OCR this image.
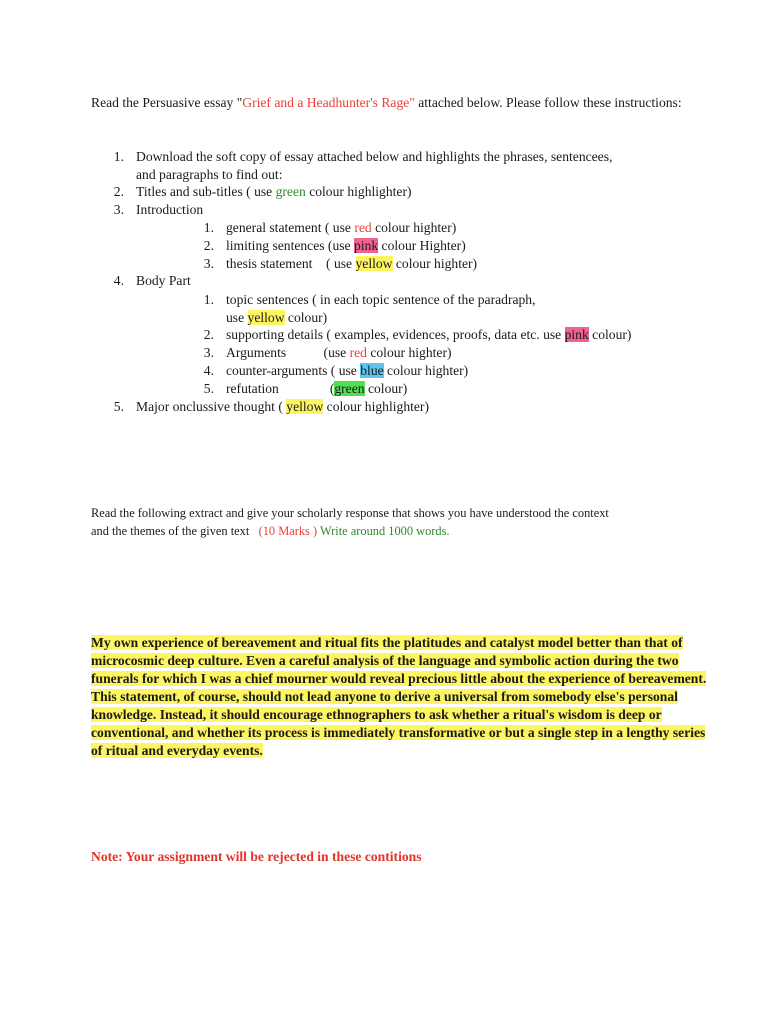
Read the Persuasive essay "Grief and a Headhunter's Rage" attached below. Please follow these instructions:
1. Download the soft copy of essay attached below and highlights the phrases, sentencees,
and paragraphs to find out:
2. Titles and sub-titles ( use green colour highlighter)
3. Introduction
1. general statement ( use red colour highter)
2. limiting sentences (use pink colour Highter)
3. thesis statement    ( use yellow colour highter)
4. Body Part
1. topic sentences ( in each topic sentence of the paradraph,
use yellow colour)
2. supporting details ( examples, evidences, proofs, data etc. use pink colour)
3. Arguments           (use red colour highter)
4. counter-arguments ( use blue colour highter)
5. refutation               (green colour)
5. Major onclussive thought ( yellow colour highlighter)
Read the following extract and give your scholarly response that shows you have understood the context
and the themes of the given text   (10 Marks ) Write around 1000 words.
My own experience of bereavement and ritual fits the platitudes and catalyst model better than that of microcosmic deep culture. Even a careful analysis of the language and symbolic action during the two funerals for which I was a chief mourner would reveal precious little about the experience of bereavement. This statement, of course, should not lead anyone to derive a universal from somebody else's personal knowledge. Instead, it should encourage ethnographers to ask whether a ritual's wisdom is deep or conventional, and whether its process is immediately transformative or but a single step in a lengthy series of ritual and everyday events.
Note: Your assignment will be rejected in these contitions
